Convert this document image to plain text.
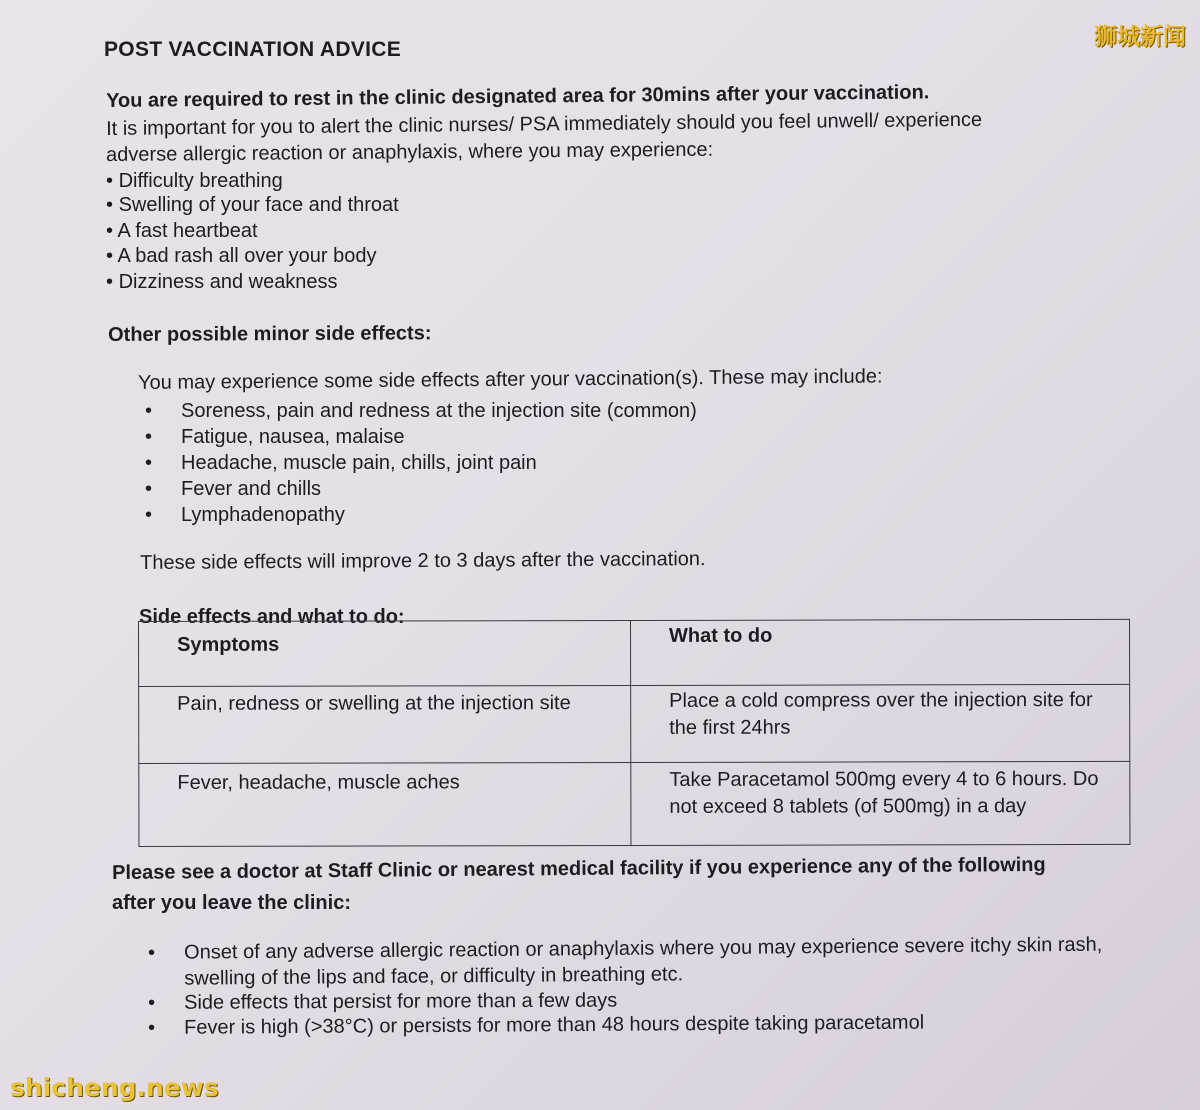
POST VACCINATION ADVICE
You are required to rest in the clinic designated area for 30mins after your vaccination.
It is important for you to alert the clinic nurses/ PSA immediately should you feel unwell/ experience
adverse allergic reaction or anaphylaxis, where you may experience:
• Difficulty breathing
• Swelling of your face and throat
• A fast heartbeat
• A bad rash all over your body
• Dizziness and weakness
Other possible minor side effects:
You may experience some side effects after your vaccination(s). These may include:
• Soreness, pain and redness at the injection site (common)
• Fatigue, nausea, malaise
• Headache, muscle pain, chills, joint pain
• Fever and chills
• Lymphadenopathy
These side effects will improve 2 to 3 days after the vaccination.
Side effects and what to do:
Symptoms	What to do

Pain, redness or swelling at the injection site	Place a cold compress over the injection site for the first 24hrs

Fever, headache, muscle aches	Take Paracetamol 500mg every 4 to 6 hours. Do not exceed 8 tablets (of 500mg) in a day
Please see a doctor at Staff Clinic or nearest medical facility if you experience any of the following
after you leave the clinic:
• Onset of any adverse allergic reaction or anaphylaxis where you may experience severe itchy skin rash, swelling of the lips and face, or difficulty in breathing etc.
• Side effects that persist for more than a few days
• Fever is high (>38°C) or persists for more than 48 hours despite taking paracetamol
狮城新闻
shicheng.news
